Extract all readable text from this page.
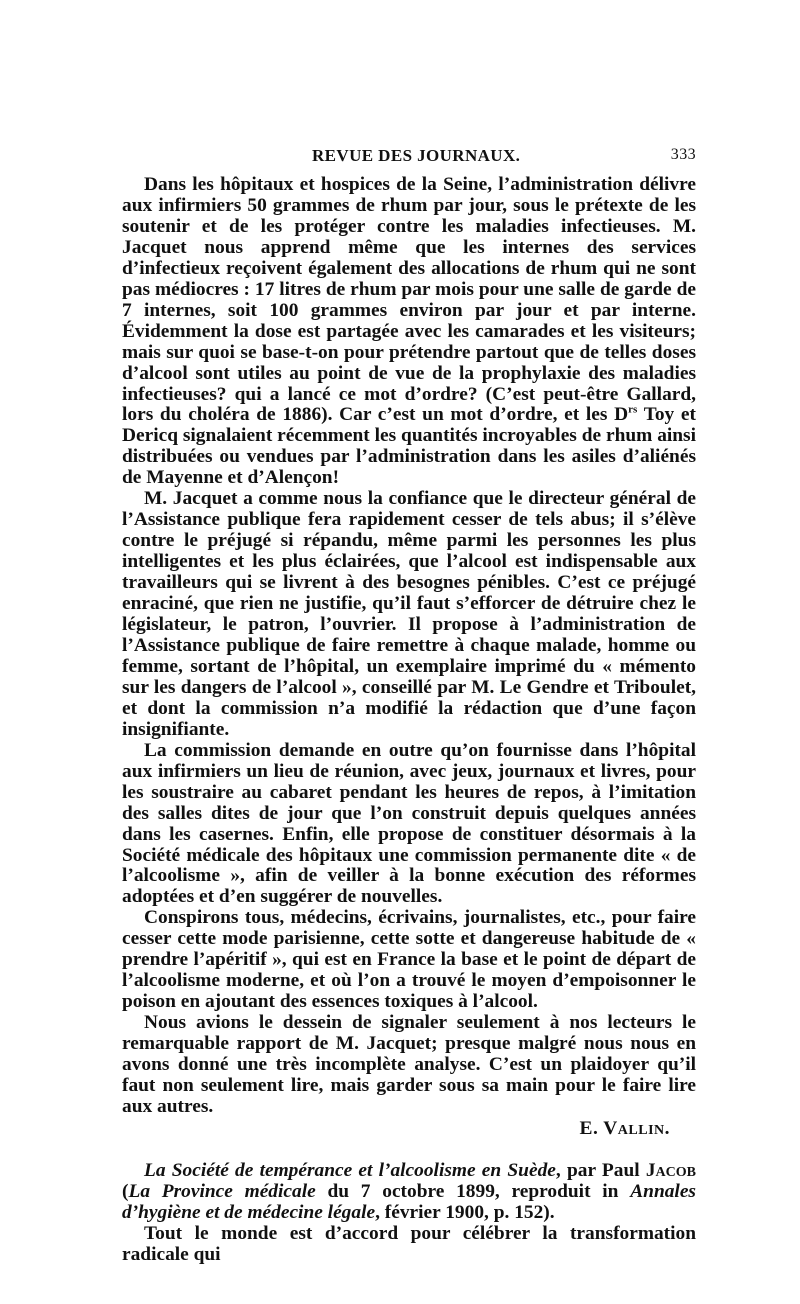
REVUE DES JOURNAUX.	333

Dans les hôpitaux et hospices de la Seine, l’administration délivre aux infirmiers 50 grammes de rhum par jour, sous le prétexte de les soutenir et de les protéger contre les maladies infectieuses. M. Jacquet nous apprend même que les internes des services d’infectieux reçoivent également des allocations de rhum qui ne sont pas médiocres : 17 litres de rhum par mois pour une salle de garde de 7 internes, soit 100 grammes environ par jour et par interne. Évidemment la dose est partagée avec les camarades et les visiteurs; mais sur quoi se base-t-on pour prétendre partout que de telles doses d’alcool sont utiles au point de vue de la prophylaxie des maladies infectieuses? qui a lancé ce mot d’ordre? (C’est peut-être Gallard, lors du choléra de 1886). Car c’est un mot d’ordre, et les $D^{rs}$ Toy et Dericq signalaient récemment les quantités incroyables de rhum ainsi distribuées ou vendues par l’administration dans les asiles d’aliénés de Mayenne et d’Alençon!

M. Jacquet a comme nous la confiance que le directeur général de l’Assistance publique fera rapidement cesser de tels abus; il s’élève contre le préjugé si répandu, même parmi les personnes les plus intelligentes et les plus éclairées, que l’alcool est indispensable aux travailleurs qui se livrent à des besognes pénibles. C’est ce préjugé enraciné, que rien ne justifie, qu’il faut s’efforcer de détruire chez le législateur, le patron, l’ouvrier. Il propose à l’administration de l’Assistance publique de faire remettre à chaque malade, homme ou femme, sortant de l’hôpital, un exemplaire imprimé du « mémento sur les dangers de l’alcool », conseillé par M. Le Gendre et Triboulet, et dont la commission n’a modifié la rédaction que d’une façon insignifiante.

La commission demande en outre qu’on fournisse dans l’hôpital aux infirmiers un lieu de réunion, avec jeux, journaux et livres, pour les soustraire au cabaret pendant les heures de repos, à l’imitation des salles dites de jour que l’on construit depuis quelques années dans les casernes. Enfin, elle propose de constituer désormais à la Société médicale des hôpitaux une commission permanente dite « de l’alcoolisme », afin de veiller à la bonne exécution des réformes adoptées et d’en suggérer de nouvelles.

Conspirons tous, médecins, écrivains, journalistes, etc., pour faire cesser cette mode parisienne, cette sotte et dangereuse habitude de « prendre l’apéritif », qui est en France la base et le point de départ de l’alcoolisme moderne, et où l’on a trouvé le moyen d’empoisonner le poison en ajoutant des essences toxiques à l’alcool.

Nous avions le dessein de signaler seulement à nos lecteurs le remarquable rapport de M. Jacquet; presque malgré nous nous en avons donné une très incomplète analyse. C’est un plaidoyer qu’il faut non seulement lire, mais garder sous sa main pour le faire lire aux autres.

E. Vallin.

La Société de tempérance et l’alcoolisme en Suède, par Paul Jacob (La Province médicale du 7 octobre 1899, reproduit in Annales d’hygiène et de médecine légale, février 1900, p. 152).

Tout le monde est d’accord pour célébrer la transformation radicale qui
